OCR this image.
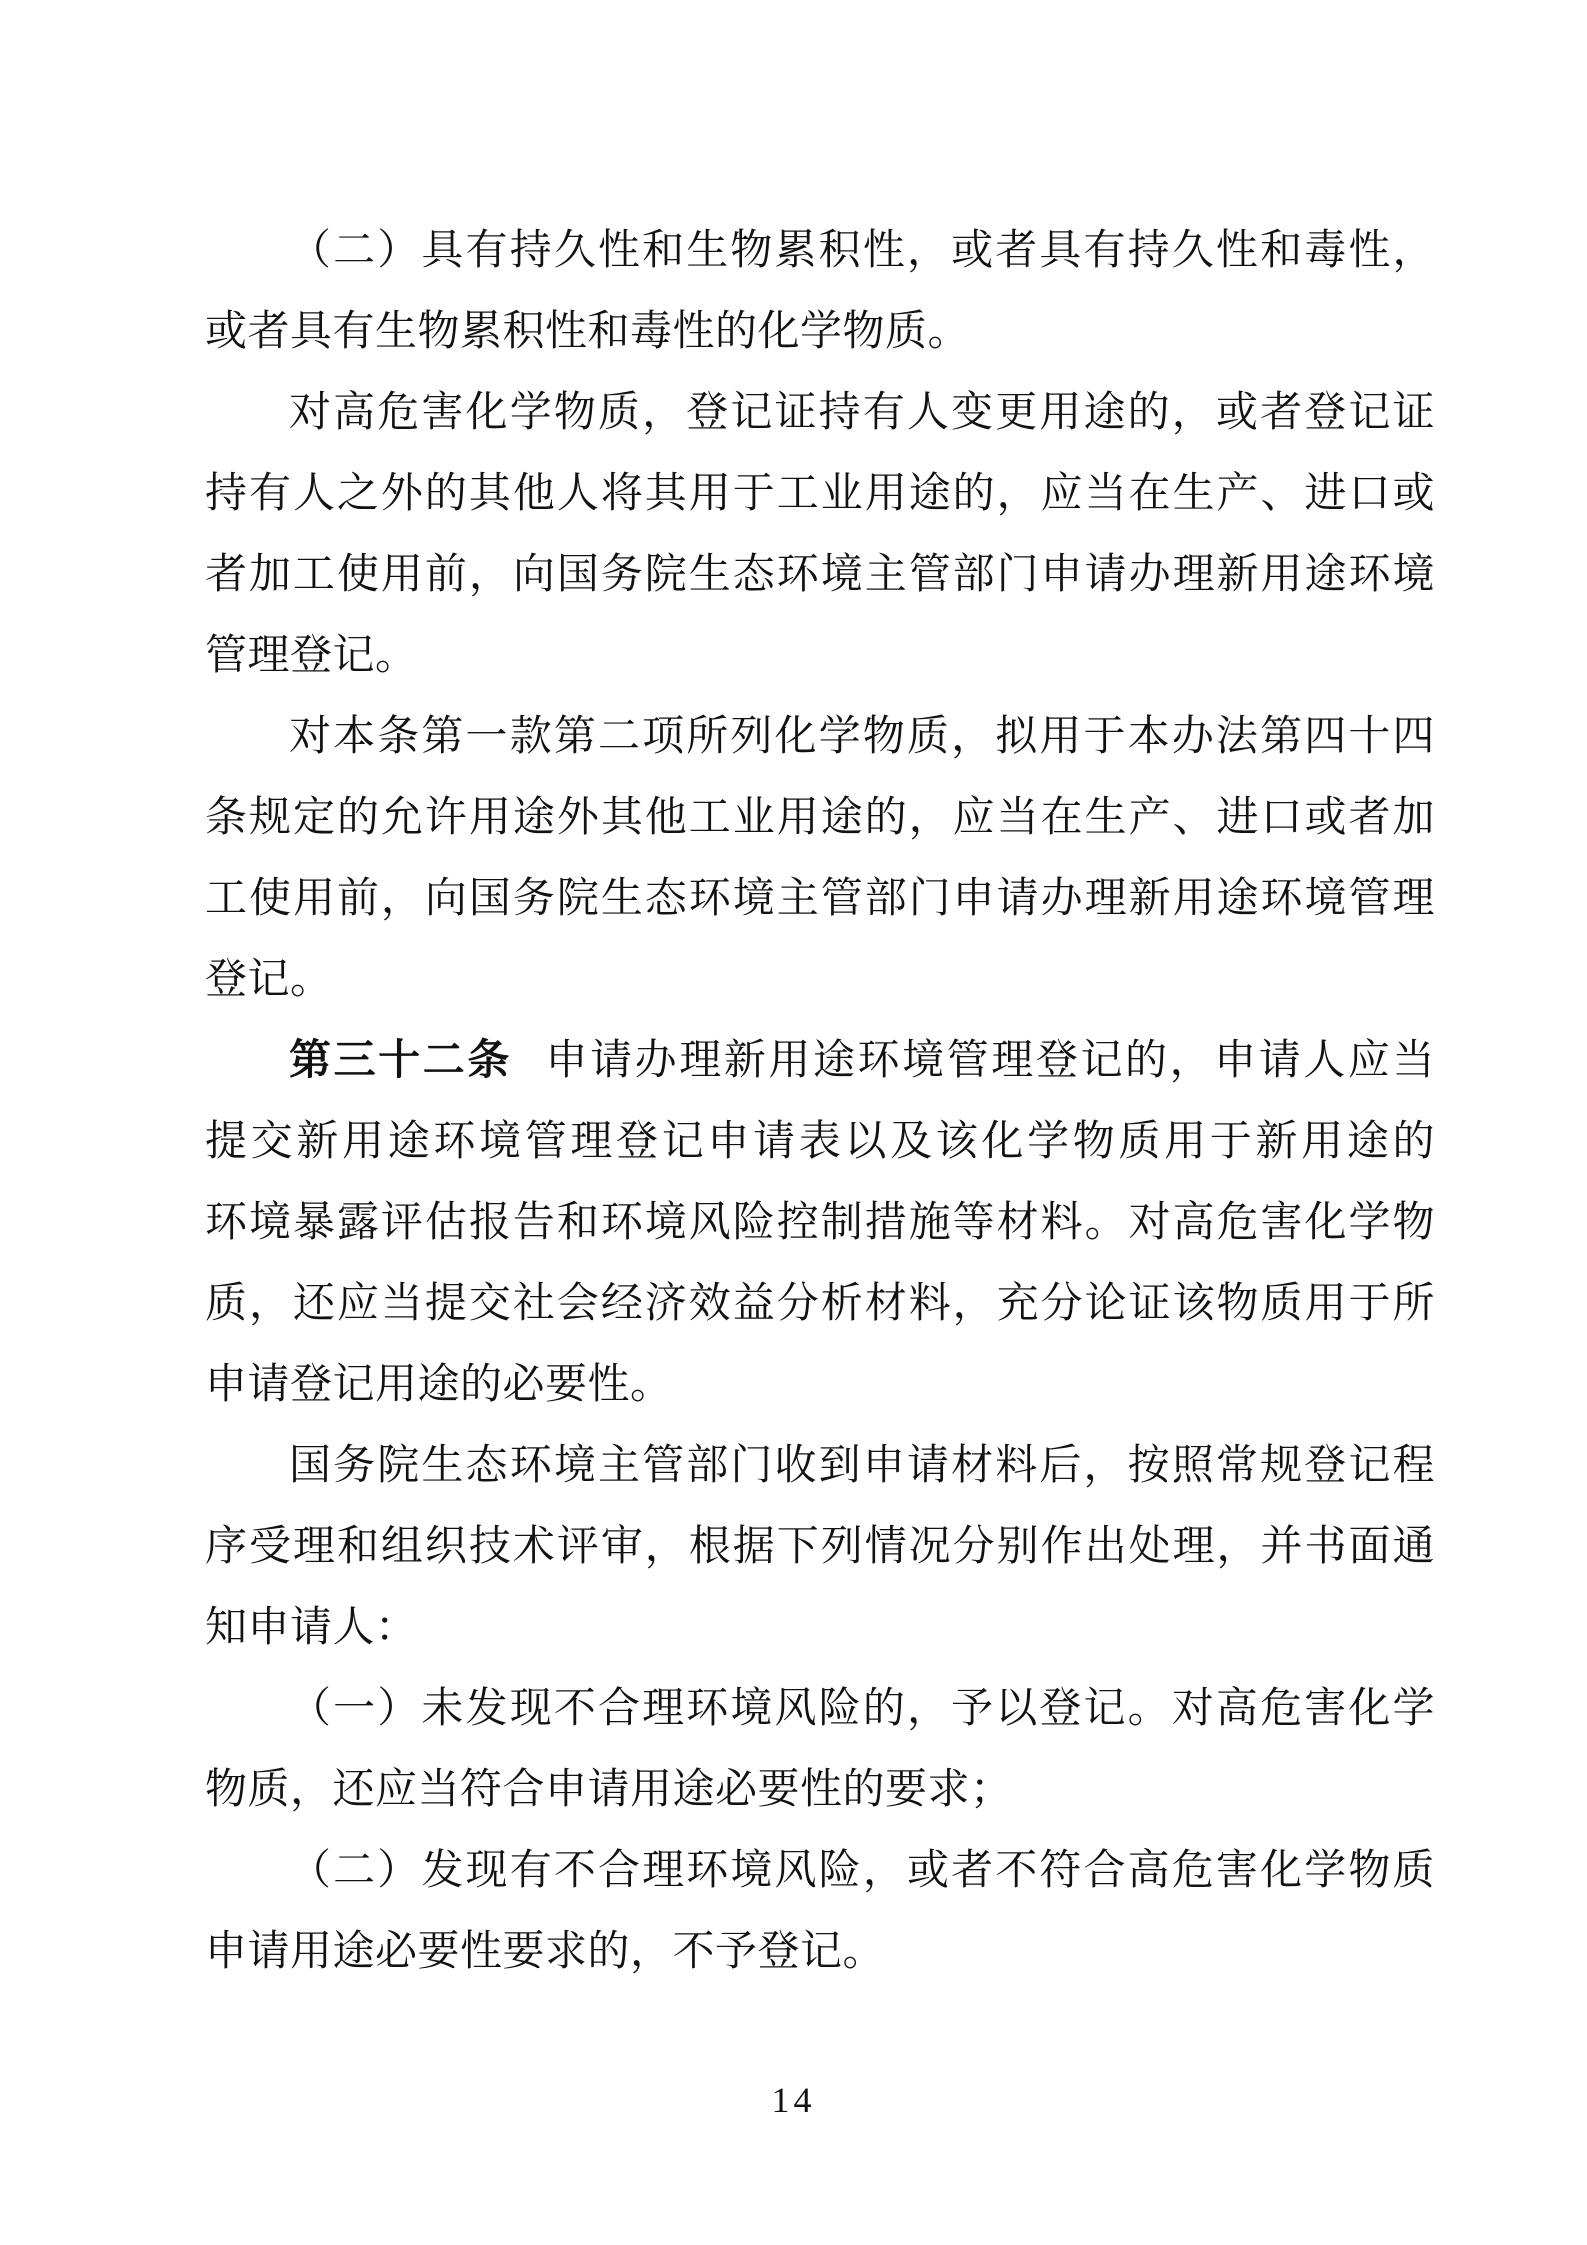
（二）具有持久性和生物累积性，或者具有持久性和毒性，
或者具有生物累积性和毒性的化学物质。
对高危害化学物质，登记证持有人变更用途的，或者登记证
持有人之外的其他人将其用于工业用途的，应当在生产、进口或
者加工使用前，向国务院生态环境主管部门申请办理新用途环境
管理登记。
对本条第一款第二项所列化学物质，拟用于本办法第四十四
条规定的允许用途外其他工业用途的，应当在生产、进口或者加
工使用前，向国务院生态环境主管部门申请办理新用途环境管理
登记。
第三十二条 申请办理新用途环境管理登记的，申请人应当
提交新用途环境管理登记申请表以及该化学物质用于新用途的
环境暴露评估报告和环境风险控制措施等材料。对高危害化学物
质，还应当提交社会经济效益分析材料，充分论证该物质用于所
申请登记用途的必要性。
国务院生态环境主管部门收到申请材料后，按照常规登记程
序受理和组织技术评审，根据下列情况分别作出处理，并书面通
知申请人：
（一）未发现不合理环境风险的，予以登记。对高危害化学
物质，还应当符合申请用途必要性的要求；
（二）发现有不合理环境风险，或者不符合高危害化学物质
申请用途必要性要求的，不予登记。
14
